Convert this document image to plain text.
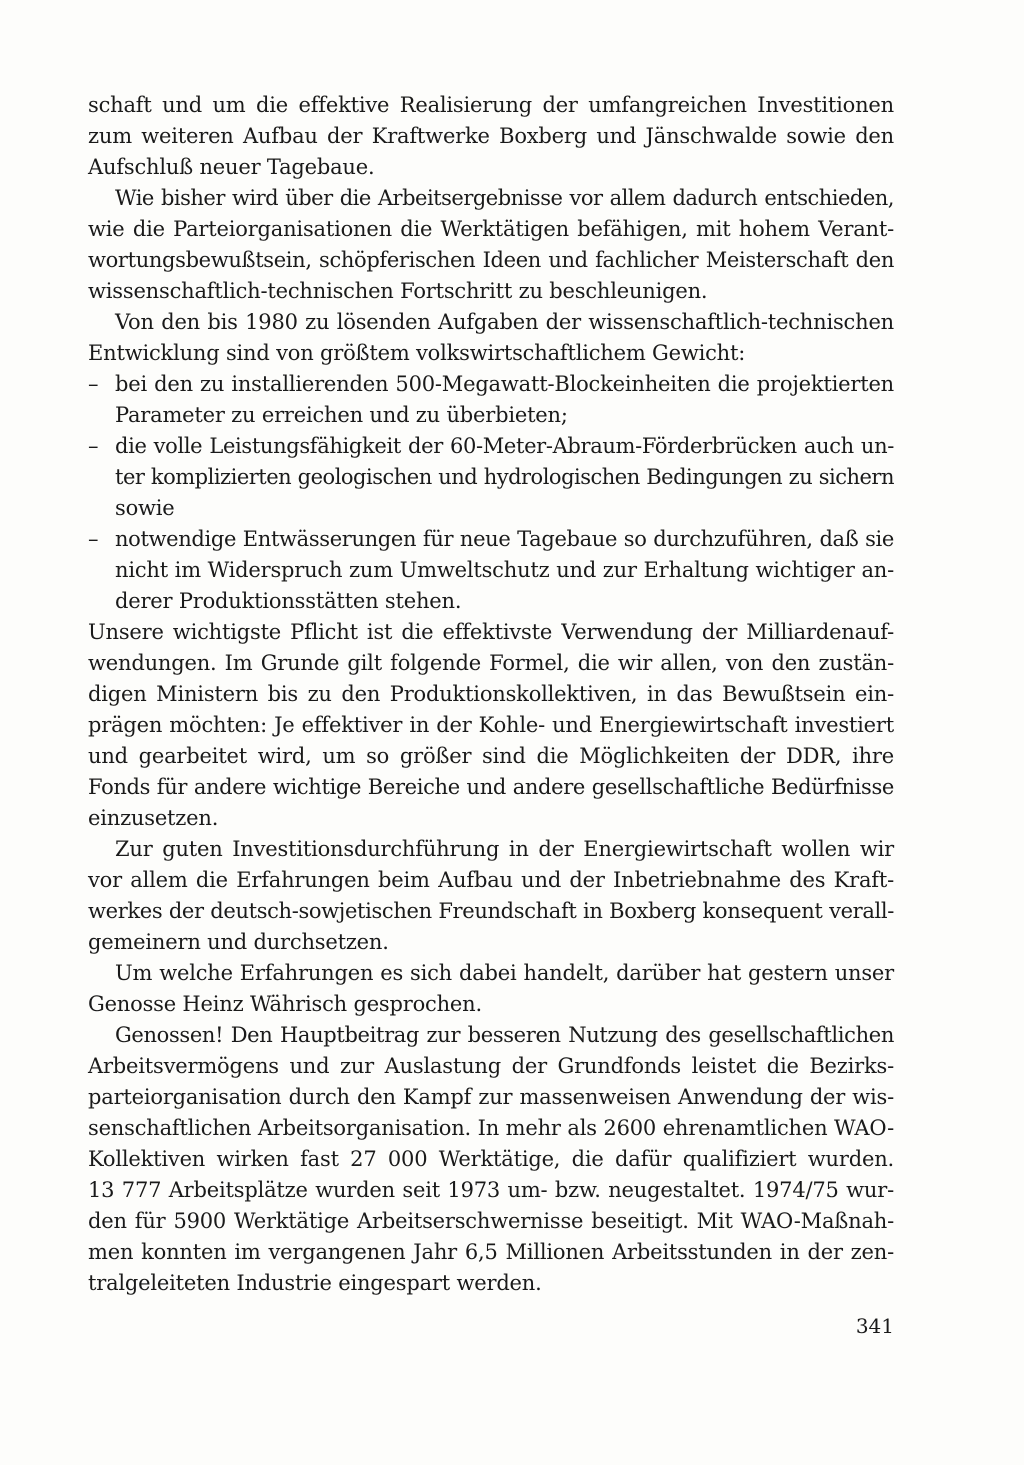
schaft und um die effektive Realisierung der umfangreichen Investitionen
zum weiteren Aufbau der Kraftwerke Boxberg und Jänschwalde sowie den
Aufschluß neuer Tagebaue.
Wie bisher wird über die Arbeitsergebnisse vor allem dadurch entschieden,
wie die Parteiorganisationen die Werktätigen befähigen, mit hohem Verant-
wortungsbewußtsein, schöpferischen Ideen und fachlicher Meisterschaft den
wissenschaftlich-technischen Fortschritt zu beschleunigen.
Von den bis 1980 zu lösenden Aufgaben der wissenschaftlich-technischen
Entwicklung sind von größtem volkswirtschaftlichem Gewicht:
– bei den zu installierenden 500-Megawatt-Blockeinheiten die projektierten
Parameter zu erreichen und zu überbieten;
– die volle Leistungsfähigkeit der 60-Meter-Abraum-Förderbrücken auch un-
ter komplizierten geologischen und hydrologischen Bedingungen zu sichern
sowie
– notwendige Entwässerungen für neue Tagebaue so durchzuführen, daß sie
nicht im Widerspruch zum Umweltschutz und zur Erhaltung wichtiger an-
derer Produktionsstätten stehen.
Unsere wichtigste Pflicht ist die effektivste Verwendung der Milliardenauf-
wendungen. Im Grunde gilt folgende Formel, die wir allen, von den zustän-
digen Ministern bis zu den Produktionskollektiven, in das Bewußtsein ein-
prägen möchten: Je effektiver in der Kohle- und Energiewirtschaft investiert
und gearbeitet wird, um so größer sind die Möglichkeiten der DDR, ihre
Fonds für andere wichtige Bereiche und andere gesellschaftliche Bedürfnisse
einzusetzen.
Zur guten Investitionsdurchführung in der Energiewirtschaft wollen wir
vor allem die Erfahrungen beim Aufbau und der Inbetriebnahme des Kraft-
werkes der deutsch-sowjetischen Freundschaft in Boxberg konsequent verall-
gemeinern und durchsetzen.
Um welche Erfahrungen es sich dabei handelt, darüber hat gestern unser
Genosse Heinz Währisch gesprochen.
Genossen! Den Hauptbeitrag zur besseren Nutzung des gesellschaftlichen
Arbeitsvermögens und zur Auslastung der Grundfonds leistet die Bezirks-
parteiorganisation durch den Kampf zur massenweisen Anwendung der wis-
senschaftlichen Arbeitsorganisation. In mehr als 2600 ehrenamtlichen WAO-
Kollektiven wirken fast 27 000 Werktätige, die dafür qualifiziert wurden.
13 777 Arbeitsplätze wurden seit 1973 um- bzw. neugestaltet. 1974/75 wur-
den für 5900 Werktätige Arbeitserschwernisse beseitigt. Mit WAO-Maßnah-
men konnten im vergangenen Jahr 6,5 Millionen Arbeitsstunden in der zen-
tralgeleiteten Industrie eingespart werden.
341
